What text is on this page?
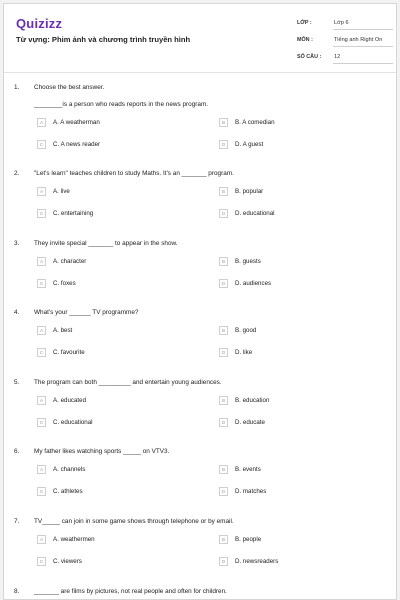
Quizizz
Từ vựng: Phim ảnh và chương trình truyền hình
LỚP :	Lớp 6
MÔN :	Tiếng anh Right On
SỐ CÂU : 12
1. Choose the best answer.
________is a person who reads reports in the news program.
A	A. A weatherman	B	B. A comedian
C	C. A news reader	D	D. A guest
2. "Let's learn" teaches children to study Maths. It's an _______ program.
A	A. live	B	B. popular
C	C. entertaining	D	D. educational
3. They invite special _______ to appear in the show.
A	A. character	B	B. guests
C	C. foxes	D	D. audiences
4. What's your ______ TV programme?
A	A. best	B	B. good
C	C. favourite	D	D. like
5. The program can both _________ and entertain young audiences.
A	A. educated	B	B. education
C	C. educational	D	D. educate
6. My father likes watching sports _____ on VTV3.
A	A. channels	B	B. events
C	C. athletes	D	D. matches
7. TV_____ can join in some game shows through telephone or by email.
A	A. weathermen	B	B. people
C	C. viewers	D	D. newsreaders
8. _______ are films by pictures, not real people and often for children.
